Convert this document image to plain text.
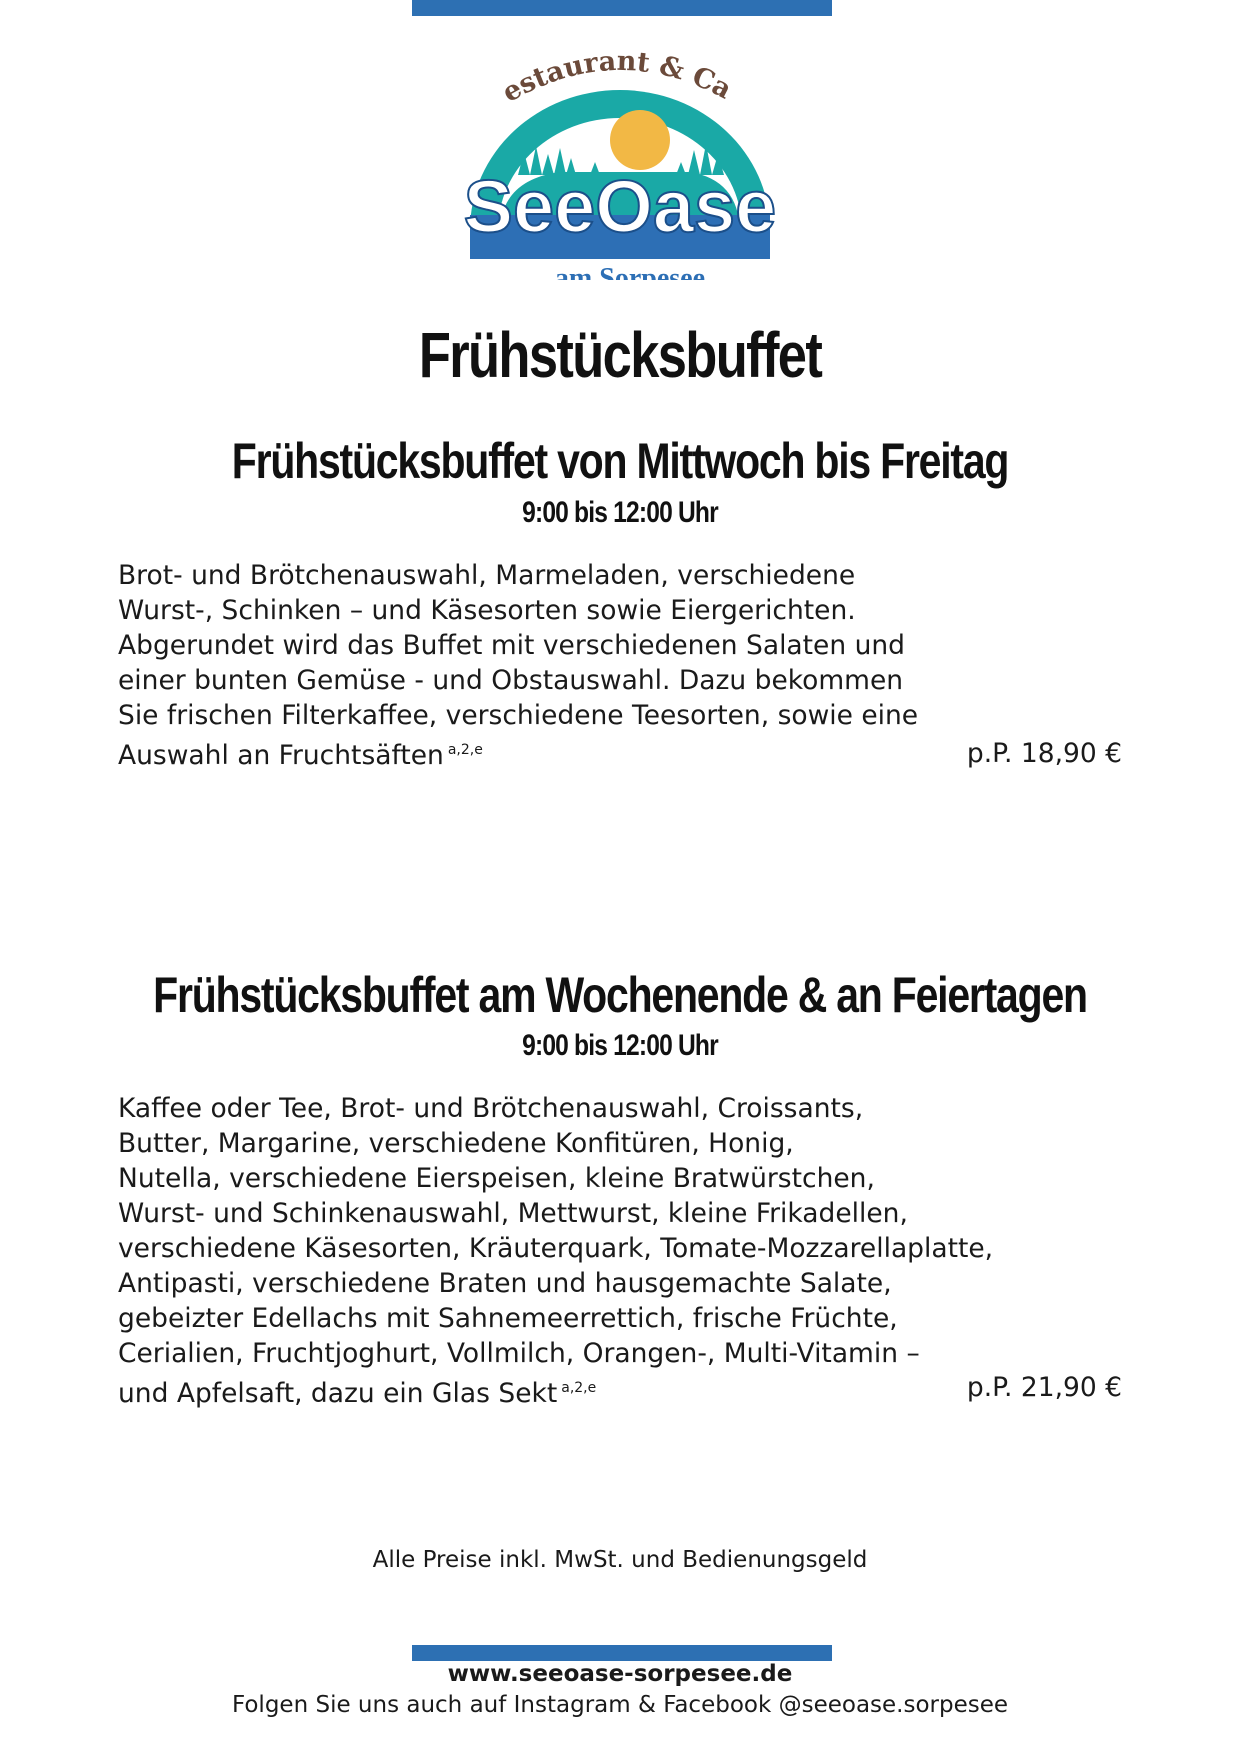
estaurant & Ca
SeeOase
am Sorpesee
Frühstücksbuffet
Frühstücksbuffet von Mittwoch bis Freitag
9:00 bis 12:00 Uhr
Brot- und Brötchenauswahl, Marmeladen, verschiedene
Wurst-, Schinken – und Käsesorten sowie Eiergerichten.
Abgerundet wird das Buffet mit verschiedenen Salaten und
einer bunten Gemüse - und Obstauswahl. Dazu bekommen
Sie frischen Filterkaffee, verschiedene Teesorten, sowie eine
Auswahl an Fruchtsäften $^{a,2,e}$	p.P. 18,90 €
Frühstücksbuffet am Wochenende & an Feiertagen
9:00 bis 12:00 Uhr
Kaffee oder Tee, Brot- und Brötchenauswahl, Croissants,
Butter, Margarine, verschiedene Konfitüren, Honig,
Nutella, verschiedene Eierspeisen, kleine Bratwürstchen,
Wurst- und Schinkenauswahl, Mettwurst, kleine Frikadellen,
verschiedene Käsesorten, Kräuterquark, Tomate-Mozzarellaplatte,
Antipasti, verschiedene Braten und hausgemachte Salate,
gebeizter Edellachs mit Sahnemeerrettich, frische Früchte,
Cerialien, Fruchtjoghurt, Vollmilch, Orangen-, Multi-Vitamin –
und Apfelsaft, dazu ein Glas Sekt $^{a,2,e}$	p.P. 21,90 €
Alle Preise inkl. MwSt. und Bedienungsgeld
www.seeoase-sorpesee.de
Folgen Sie uns auch auf Instagram & Facebook @seeoase.sorpesee
